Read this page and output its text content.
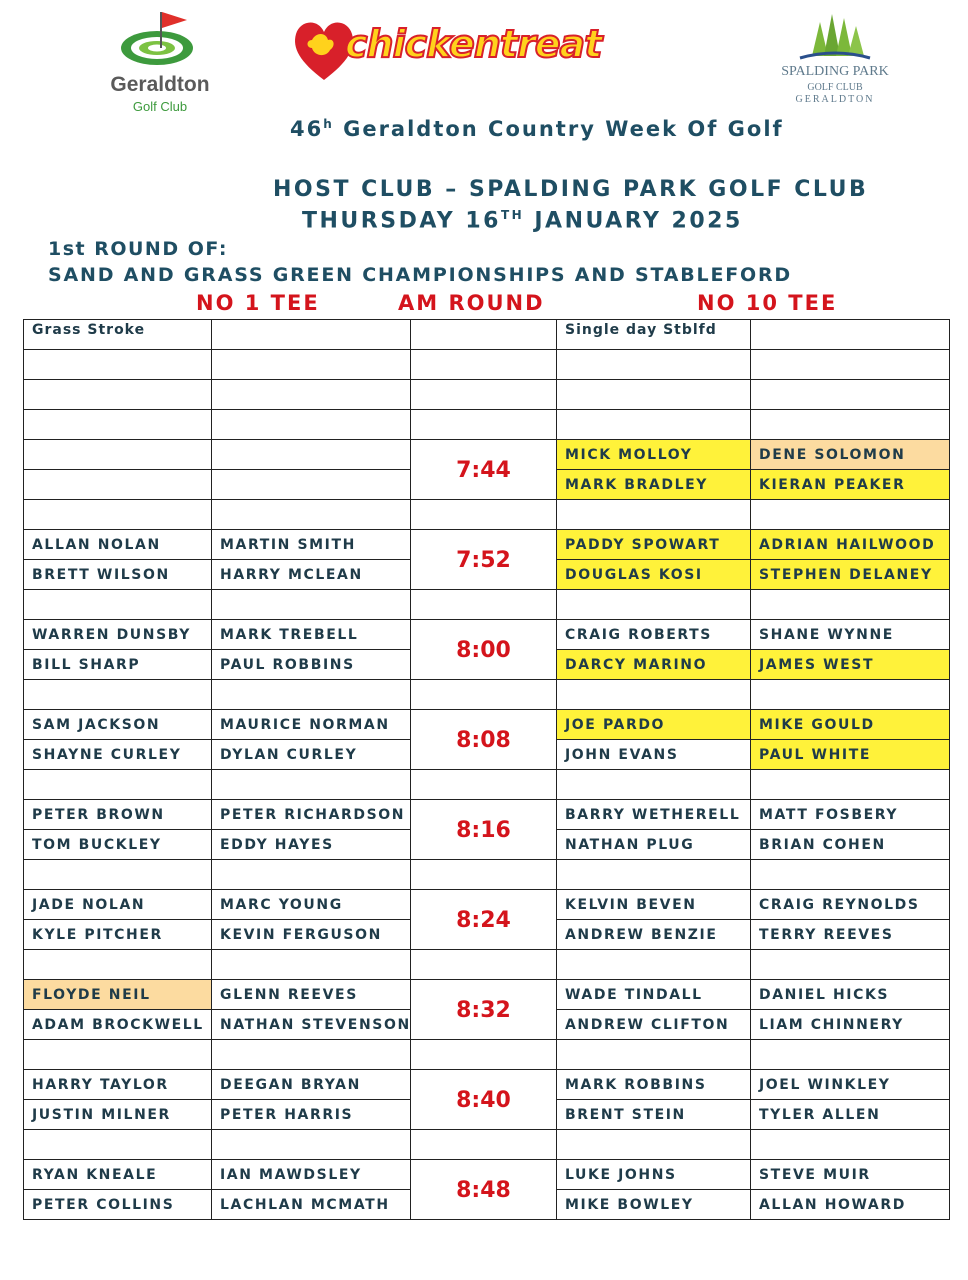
Geraldton
Golf Club
chickentreat
SPALDING PARK
GOLF CLUB
GERALDTON
46$^h$ Geraldton Country Week Of Golf
HOST CLUB – SPALDING PARK GOLF CLUB
THURSDAY 16TH JANUARY 2025
1st ROUND OF:
SAND AND GRASS GREEN CHAMPIONSHIPS AND STABLEFORD
NO 1 TEE	AM ROUND	NO 10 TEE
Grass Stroke			Single day Stblfd	

		7:44	MICK MOLLOY	DENE SOLOMON
			MARK BRADLEY	KIERAN PEAKER

ALLAN NOLAN	MARTIN SMITH	7:52	PADDY SPOWART	ADRIAN HAILWOOD
BRETT WILSON	HARRY MCLEAN		DOUGLAS KOSI	STEPHEN DELANEY

WARREN DUNSBY	MARK TREBELL	8:00	CRAIG ROBERTS	SHANE WYNNE
BILL SHARP	PAUL ROBBINS		DARCY MARINO	JAMES WEST

SAM JACKSON	MAURICE NORMAN	8:08	JOE PARDO	MIKE GOULD
SHAYNE CURLEY	DYLAN CURLEY		JOHN EVANS	PAUL WHITE

PETER BROWN	PETER RICHARDSON	8:16	BARRY WETHERELL	MATT FOSBERY
TOM BUCKLEY	EDDY HAYES		NATHAN PLUG	BRIAN COHEN

JADE NOLAN	MARC YOUNG	8:24	KELVIN BEVEN	CRAIG REYNOLDS
KYLE PITCHER	KEVIN FERGUSON		ANDREW BENZIE	TERRY REEVES

FLOYDE NEIL	GLENN REEVES	8:32	WADE TINDALL	DANIEL HICKS
ADAM BROCKWELL	NATHAN STEVENSON		ANDREW CLIFTON	LIAM CHINNERY

HARRY TAYLOR	DEEGAN BRYAN	8:40	MARK ROBBINS	JOEL WINKLEY
JUSTIN MILNER	PETER HARRIS		BRENT STEIN	TYLER ALLEN

RYAN KNEALE	IAN MAWDSLEY	8:48	LUKE JOHNS	STEVE MUIR
PETER COLLINS	LACHLAN MCMATH		MIKE BOWLEY	ALLAN HOWARD
